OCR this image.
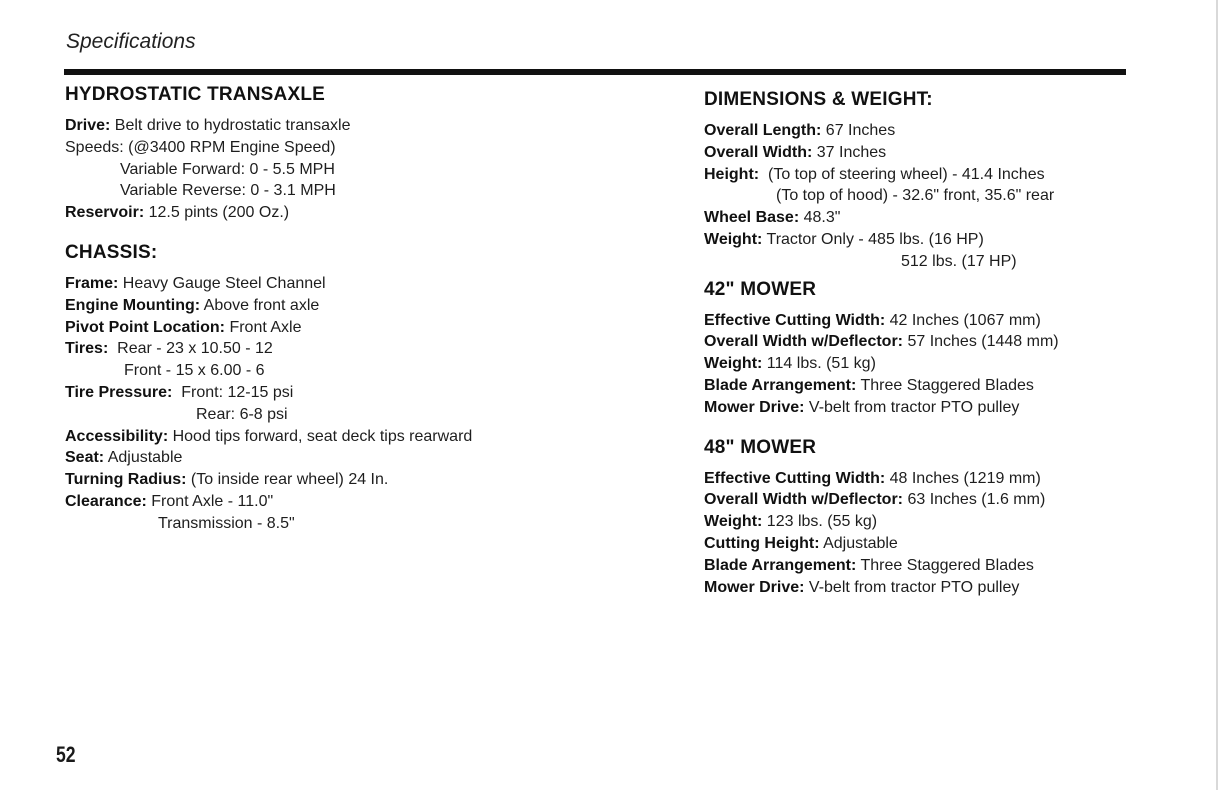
Specifications
HYDROSTATIC TRANSAXLE
Drive: Belt drive to hydrostatic transaxle
Speeds: (@3400 RPM Engine Speed)
Variable Forward: 0 - 5.5 MPH
Variable Reverse: 0 - 3.1 MPH
Reservoir: 12.5 pints (200 Oz.)
CHASSIS:
Frame: Heavy Gauge Steel Channel
Engine Mounting: Above front axle
Pivot Point Location: Front Axle
Tires:  Rear - 23 x 10.50 - 12
Front - 15 x 6.00 - 6
Tire Pressure:  Front: 12-15 psi
Rear: 6-8 psi
Accessibility: Hood tips forward, seat deck tips rearward
Seat: Adjustable
Turning Radius: (To inside rear wheel) 24 In.
Clearance: Front Axle - 11.0"
Transmission - 8.5"
DIMENSIONS & WEIGHT:
Overall Length: 67 Inches
Overall Width: 37 Inches
Height:  (To top of steering wheel) - 41.4 Inches
(To top of hood) - 32.6" front, 35.6" rear
Wheel Base: 48.3"
Weight: Tractor Only - 485 lbs. (16 HP)
512 lbs. (17 HP)
42" MOWER
Effective Cutting Width: 42 Inches (1067 mm)
Overall Width w/Deflector: 57 Inches (1448 mm)
Weight: 114 lbs. (51 kg)
Blade Arrangement: Three Staggered Blades
Mower Drive: V-belt from tractor PTO pulley
48" MOWER
Effective Cutting Width: 48 Inches (1219 mm)
Overall Width w/Deflector: 63 Inches (1.6 mm)
Weight: 123 lbs. (55 kg)
Cutting Height: Adjustable
Blade Arrangement: Three Staggered Blades
Mower Drive: V-belt from tractor PTO pulley
52
